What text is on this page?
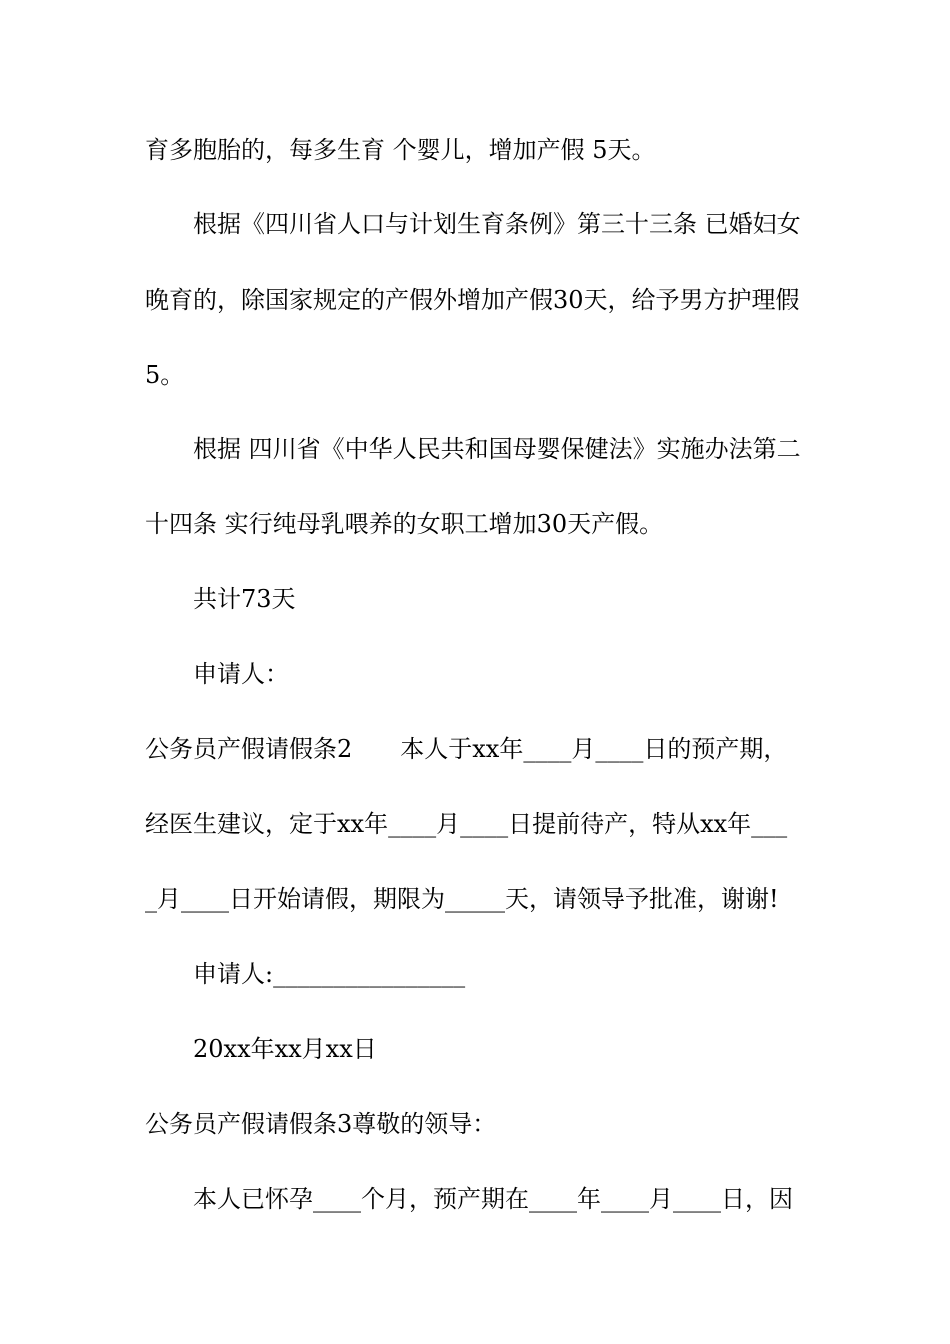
育多胞胎的，每多生育 个婴儿，增加产假 5天。
根据《四川省人口与计划生育条例》第三十三条 已婚妇女
晚育的，除国家规定的产假外增加产假30天，给予男方护理假
5。
根据 四川省《中华人民共和国母婴保健法》实施办法第二
十四条 实行纯母乳喂养的女职工增加30天产假。
共计73天
申请人：
公务员产假请假条2　　本人于xx年____月____日的预产期，
经医生建议，定于xx年____月____日提前待产，特从xx年___
_月____日开始请假，期限为_____天，请领导予批准，谢谢!
申请人:________________
20xx年xx月xx日
公务员产假请假条3尊敬的领导：
本人已怀孕____个月，预产期在____年____月____日，因
